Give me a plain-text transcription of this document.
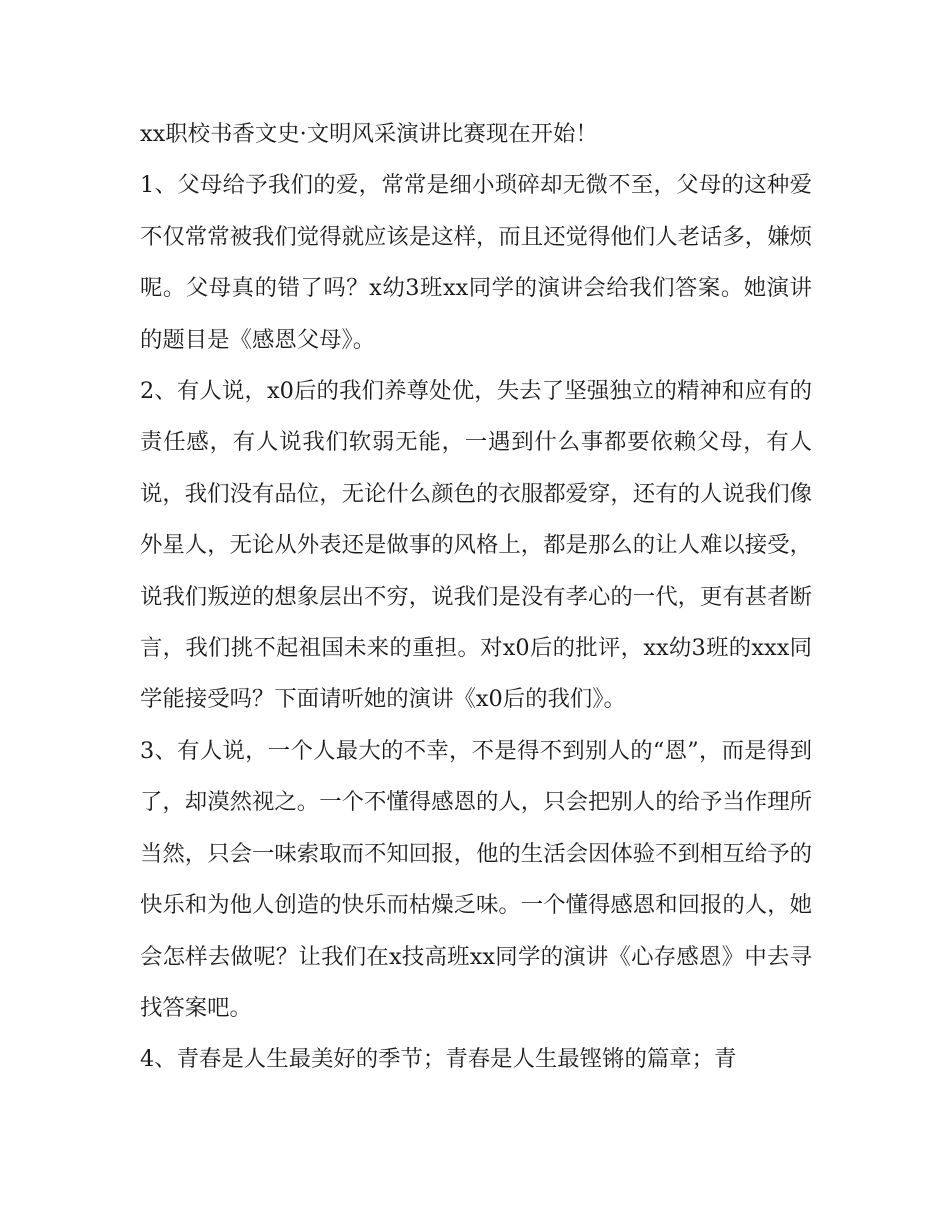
xx职校书香文史·文明风采演讲比赛现在开始！

1、父母给予我们的爱，常常是细小琐碎却无微不至，父母的这种爱不仅常常被我们觉得就应该是这样，而且还觉得他们人老话多，嫌烦呢。父母真的错了吗？x幼3班xx同学的演讲会给我们答案。她演讲的题目是《感恩父母》。

2、有人说，x0后的我们养尊处优，失去了坚强独立的精神和应有的责任感，有人说我们软弱无能，一遇到什么事都要依赖父母，有人说，我们没有品位，无论什么颜色的衣服都爱穿，还有的人说我们像外星人，无论从外表还是做事的风格上，都是那么的让人难以接受，说我们叛逆的想象层出不穷，说我们是没有孝心的一代，更有甚者断言，我们挑不起祖国未来的重担。对x0后的批评，xx幼3班的xxx同学能接受吗？下面请听她的演讲《x0后的我们》。

3、有人说，一个人最大的不幸，不是得不到别人的“恩”，而是得到了，却漠然视之。一个不懂得感恩的人，只会把别人的给予当作理所当然，只会一味索取而不知回报，他的生活会因体验不到相互给予的快乐和为他人创造的快乐而枯燥乏味。一个懂得感恩和回报的人，她会怎样去做呢？让我们在x技高班xx同学的演讲《心存感恩》中去寻找答案吧。

4、青春是人生最美好的季节；青春是人生最铿锵的篇章；青
